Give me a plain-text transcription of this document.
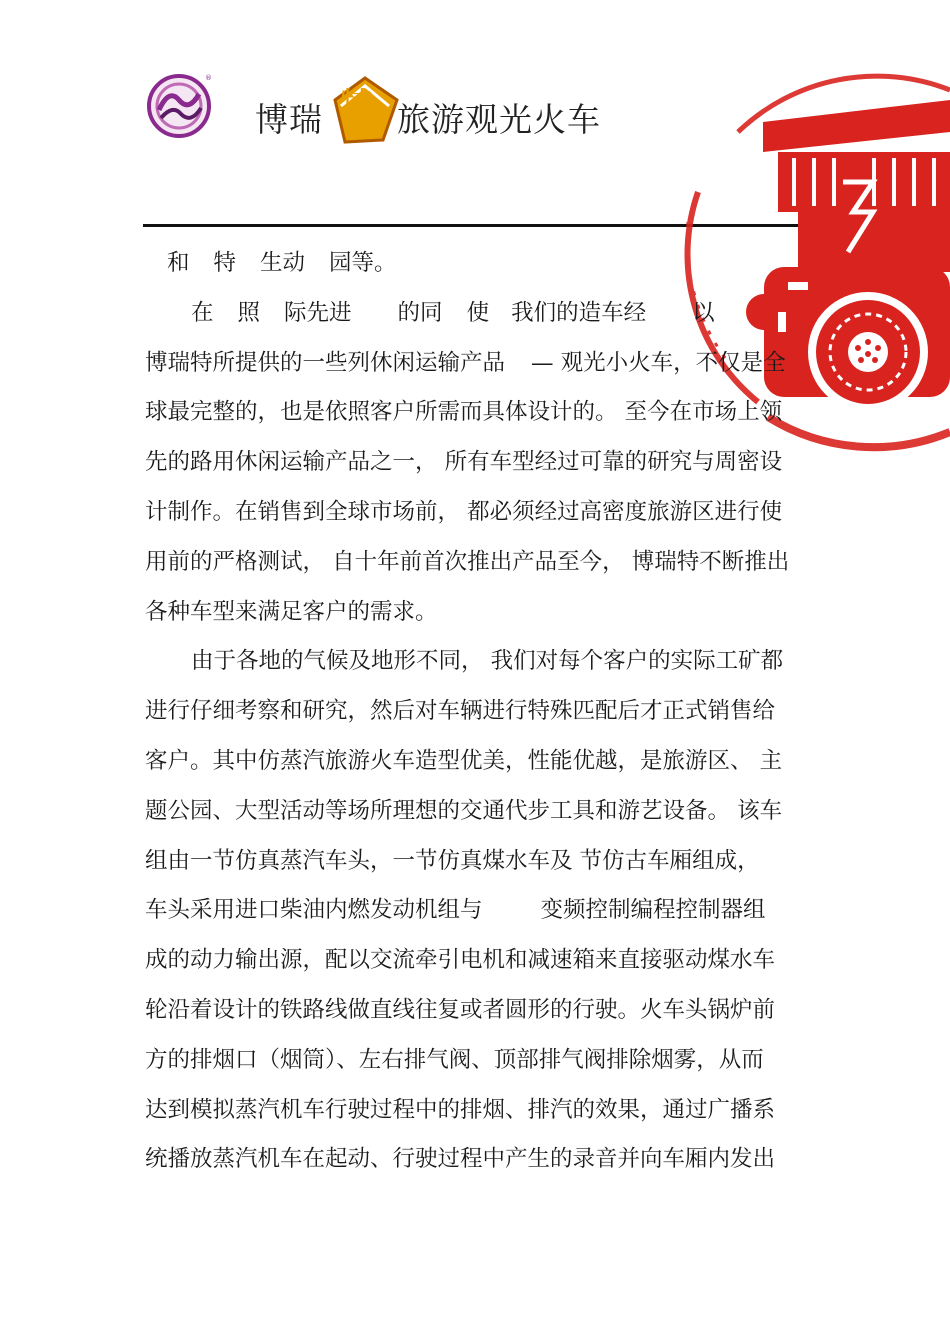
®
博瑞 特 旅游观光火车
和 特 生动 园等。
在 照 际先进 的同 使 我们的造车经 以
博瑞特所提供的一些列休闲运输产品 — 观光小火车，不仅是全
球最完整的，也是依照客户所需而具体设计的。 至今在市场上领
先的路用休闲运输产品之一， 所有车型经过可靠的研究与周密设
计制作。在销售到全球市场前， 都必须经过高密度旅游区进行使
用前的严格测试， 自十年前首次推出产品至今， 博瑞特不断推出
各种车型来满足客户的需求。
由于各地的气候及地形不同， 我们对每个客户的实际工矿都
进行仔细考察和研究，然后对车辆进行特殊匹配后才正式销售给
客户。其中仿蒸汽旅游火车造型优美，性能优越，是旅游区、 主
题公园、大型活动等场所理想的交通代步工具和游艺设备。 该车
组由一节仿真蒸汽车头，一节仿真煤水车及 节仿古车厢组成，
车头采用进口柴油内燃发动机组与	变频控制编程控制器组
成的动力输出源，配以交流牵引电机和减速箱来直接驱动煤水车
轮沿着设计的铁路线做直线往复或者圆形的行驶。火车头锅炉前
方的排烟口（烟筒）、左右排气阀、顶部排气阀排除烟雾，从而
达到模拟蒸汽机车行驶过程中的排烟、排汽的效果，通过广播系
统播放蒸汽机车在起动、行驶过程中产生的录音并向车厢内发出
